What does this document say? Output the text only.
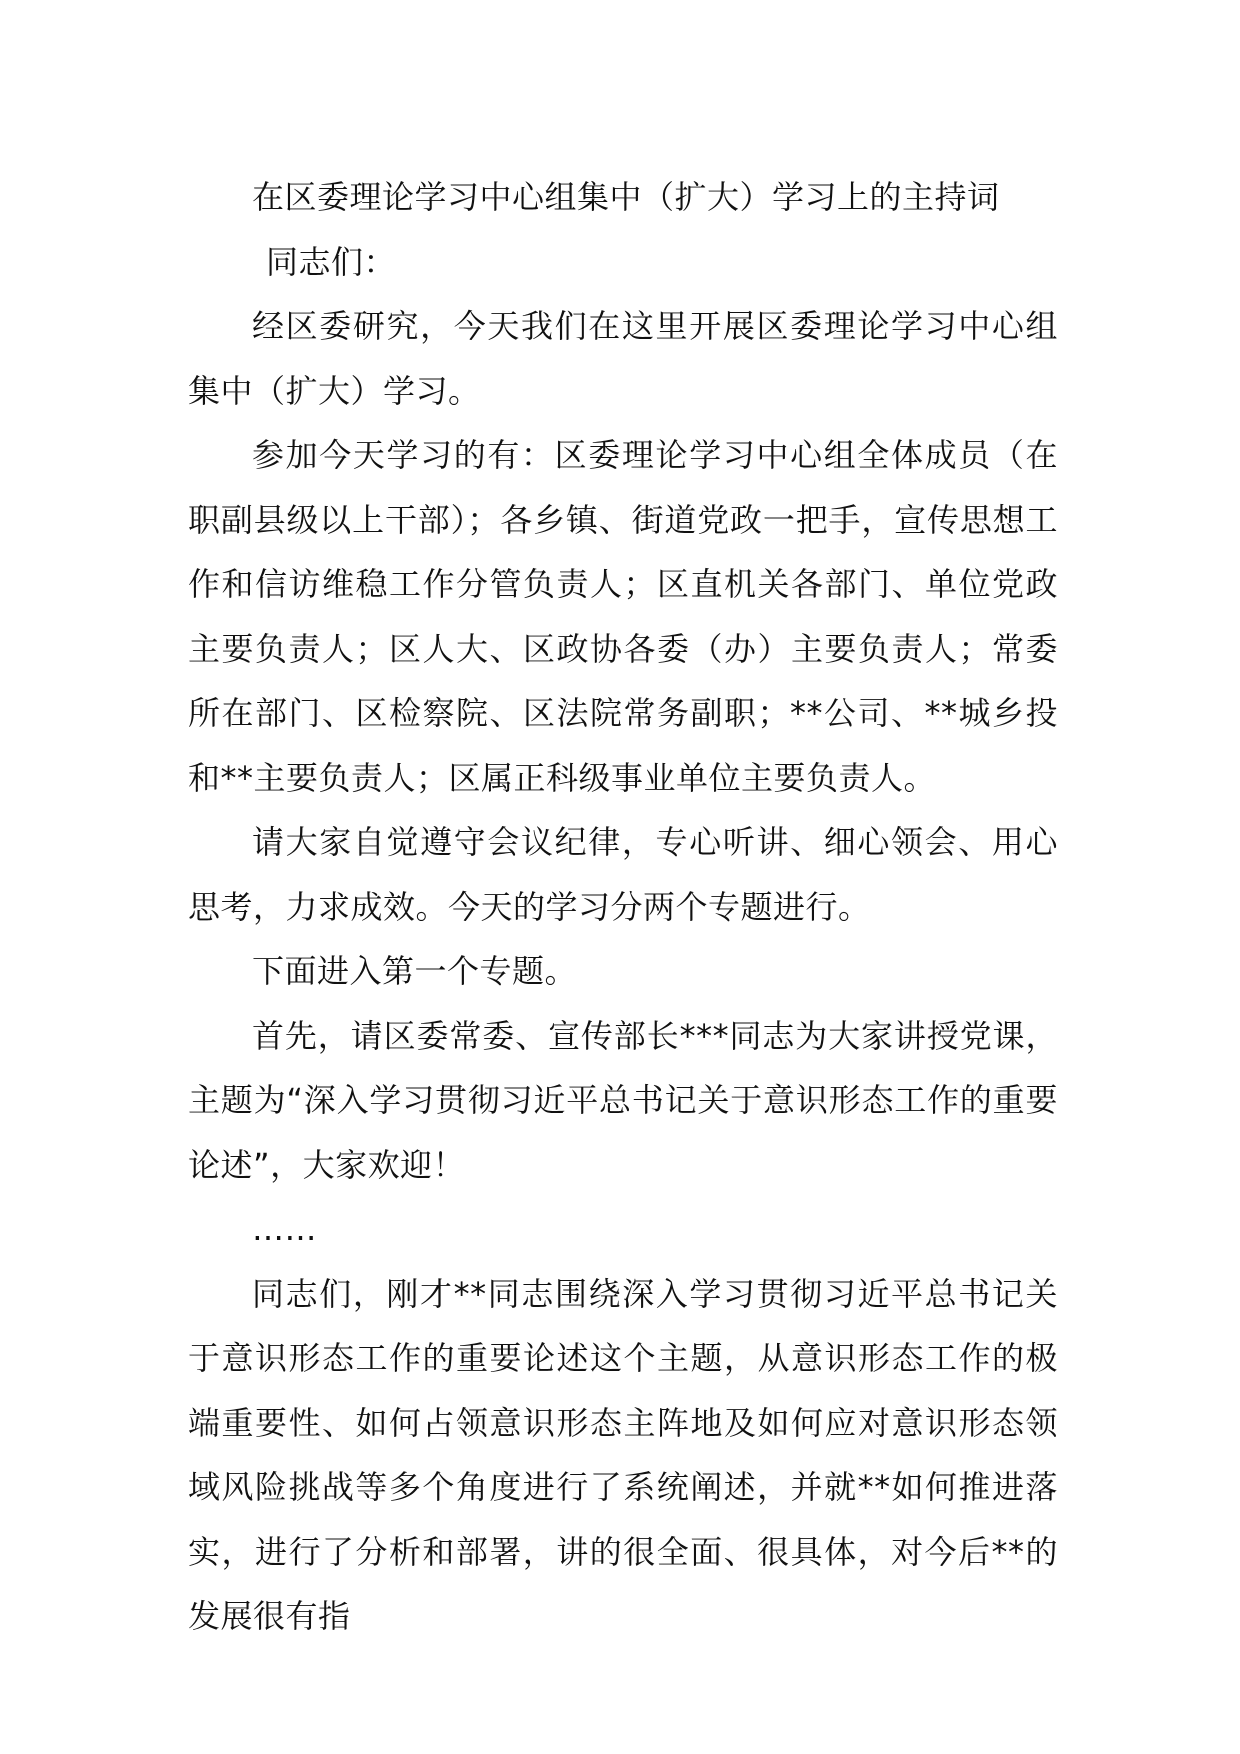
在区委理论学习中心组集中（扩大）学习上的主持词

同志们：

经区委研究，今天我们在这里开展区委理论学习中心组集中（扩大）学习。

参加今天学习的有：区委理论学习中心组全体成员（在职副县级以上干部）；各乡镇、街道党政一把手，宣传思想工作和信访维稳工作分管负责人；区直机关各部门、单位党政主要负责人；区人大、区政协各委（办）主要负责人；常委所在部门、区检察院、区法院常务副职；**公司、**城乡投和**主要负责人；区属正科级事业单位主要负责人。

请大家自觉遵守会议纪律，专心听讲、细心领会、用心思考，力求成效。今天的学习分两个专题进行。

下面进入第一个专题。

首先，请区委常委、宣传部长***同志为大家讲授党课，主题为“深入学习贯彻习近平总书记关于意识形态工作的重要论述”，大家欢迎！

……

同志们，刚才**同志围绕深入学习贯彻习近平总书记关于意识形态工作的重要论述这个主题，从意识形态工作的极端重要性、如何占领意识形态主阵地及如何应对意识形态领域风险挑战等多个角度进行了系统阐述，并就**如何推进落实，进行了分析和部署，讲的很全面、很具体，对今后**的发展很有指
